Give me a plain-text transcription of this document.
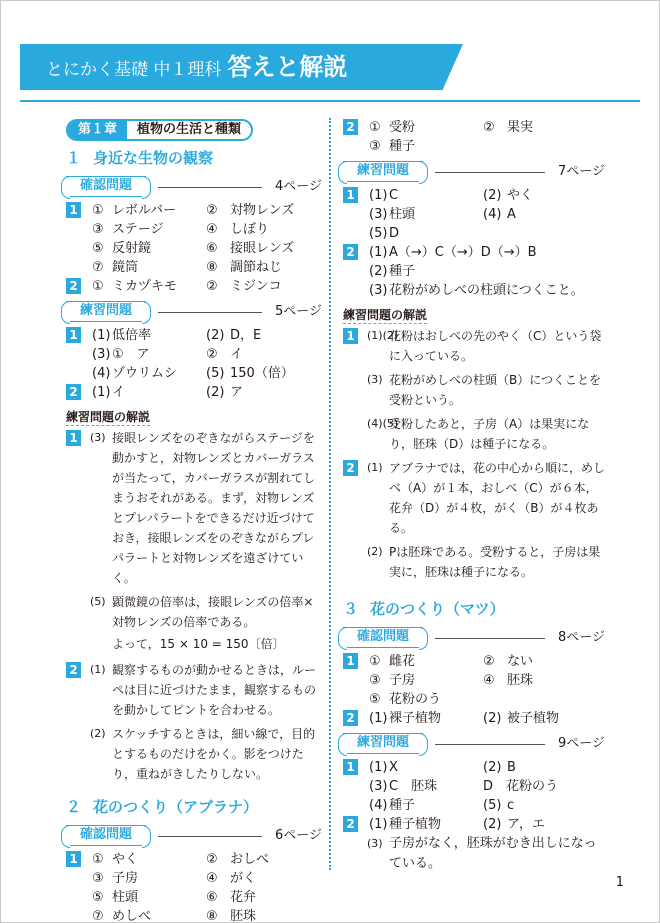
とにかく基礎 中１理科 答えと解説
第１章	植物の生活と種類
１ 身近な生物の観察
確認問題	4ページ
1 ① レボルバー ② 対物レンズ
③ ステージ	④ しぼり
⑤ 反射鏡	⑥ 接眼レンズ
⑦ 鏡筒	⑧ 調節ねじ
2 ① ミカヅキモ ② ミジンコ
練習問題	5ページ
1 (1) 低倍率	(2) D，E
(3) ①　ア	② イ
(4) ゾウリムシ (5) 150（倍）
2 (1) イ	(2) ア
練習問題の解説
1	(3) 接眼レンズをのぞきながらステージを動かすと，対物レンズとカバーガラスが当たって，カバーガラスが割れてしまうおそれがある。まず，対物レンズとプレパラートをできるだけ近づけておき，接眼レンズをのぞきながらプレパラートと対物レンズを遠ざけていく。
(5) 顕微鏡の倍率は，接眼レンズの倍率×対物レンズの倍率である。
よって，15 × 10 = 150〔倍〕
2	(1) 観察するものが動かせるときは，ルーペは目に近づけたまま，観察するものを動かしてピントを合わせる。
(2) スケッチするときは，細い線で，目的とするものだけをかく。影をつけたり，重ねがきしたりしない。
２ 花のつくり（アブラナ）
確認問題	6ページ
1 ① やく	② おしべ
③ 子房	④ がく
⑤ 柱頭	⑥ 花弁
⑦ めしべ	⑧ 胚珠
2 ① 受粉	② 果実
③ 種子
練習問題	7ページ
1 (1) C	(2) やく
(3) 柱頭	(4) A
(5) D
2 (1) A（→）C（→）D（→）B
(2) 種子
(3) 花粉がめしべの柱頭につくこと。
練習問題の解説
1	(1)(2)
花粉はおしべの先のやく（C）という袋に入っている。
(3) 花粉がめしべの柱頭（B）につくことを受粉という。
(4)(5)
受粉したあと，子房（A）は果実になり，胚珠（D）は種子になる。
2	(1) アブラナでは，花の中心から順に，めしべ（A）が１本，おしべ（C）が６本，花弁（D）が４枚，がく（B）が４枚ある。
(2) Pは胚珠である。受粉すると，子房は果実に，胚珠は種子になる。
３ 花のつくり（マツ）
確認問題	8ページ
1 ① 雌花	② ない
③ 子房	④ 胚珠
⑤ 花粉のう
2 (1) 裸子植物	(2) 被子植物
練習問題	9ページ
1 (1) X	(2) B
(3) C　胚珠	D　花粉のう
(4) 種子	(5) c
2 (1) 種子植物	(2) ア，エ
(3) 子房がなく，胚珠がむき出しになっている。
1
